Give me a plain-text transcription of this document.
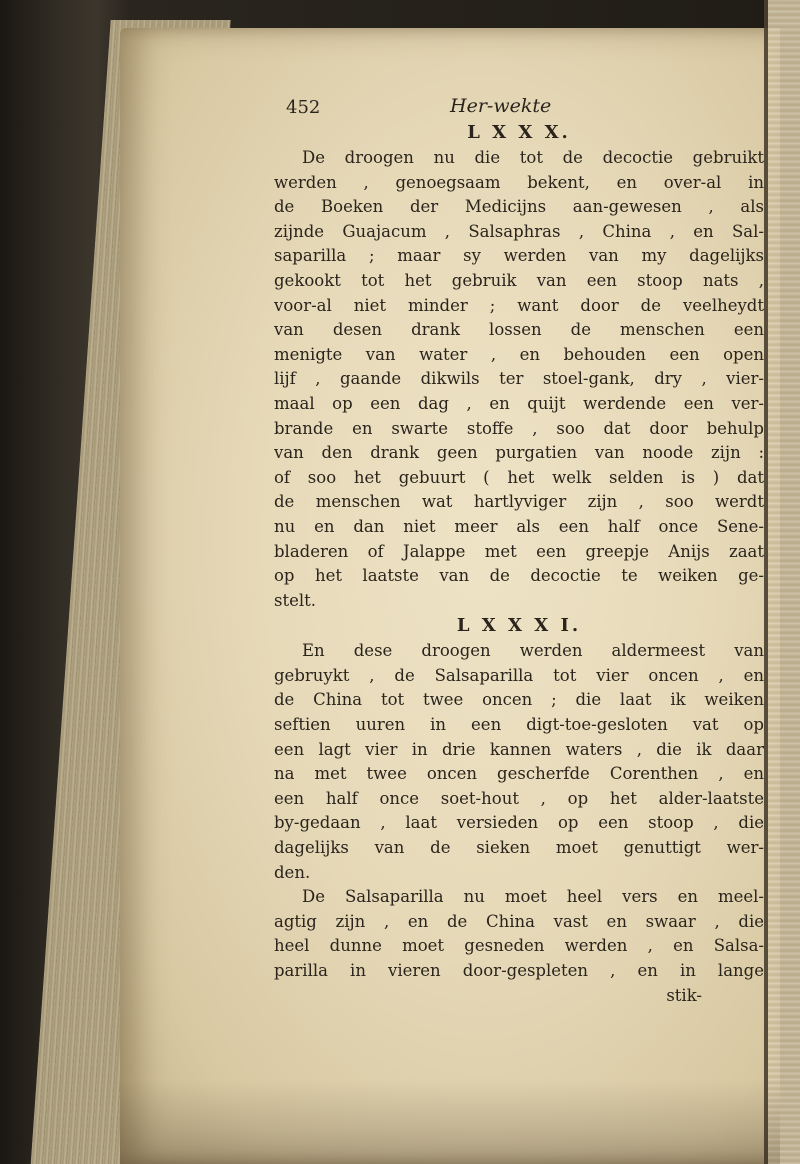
452	Her-wekte
L X X X.
De droogen nu die tot de decoctie gebruikt
werden , genoegsaam bekent, en over-al in
de Boeken der Medicijns aan-gewesen , als
zijnde Guajacum , Salsaphras , China , en Sal-
saparilla ; maar sy werden van my dagelijks
gekookt tot het gebruik van een stoop nats ,
voor-al niet minder ; want door de veelheydt
van desen drank lossen de menschen een
menigte van water , en behouden een open
lijf , gaande dikwils ter stoel-gank, dry , vier-
maal op een dag , en quijt werdende een ver-
brande en swarte stoffe , soo dat door behulp
van den drank geen purgatien van noode zijn :
of soo het gebuurt ( het welk selden is ) dat
de menschen wat hartlyviger zijn , soo werdt
nu en dan niet meer als een half once Sene-
bladeren of Jalappe met een greepje Anijs zaat
op het laatste van de decoctie te weiken ge-
stelt.
L X X X I.
En dese droogen werden aldermeest van
gebruykt , de Salsaparilla tot vier oncen , en
de China tot twee oncen ; die laat ik weiken
seftien uuren in een digt-toe-gesloten vat op
een lagt vier in drie kannen waters , die ik daar
na met twee oncen gescherfde Corenthen , en
een half once soet-hout , op het alder-laatste
by-gedaan , laat versieden op een stoop , die
dagelijks van de sieken moet genuttigt wer-
den.
De Salsaparilla nu moet heel vers en meel-
agtig zijn , en de China vast en swaar , die
heel dunne moet gesneden werden , en Salsa-
parilla in vieren door-gespleten , en in lange
stik-
